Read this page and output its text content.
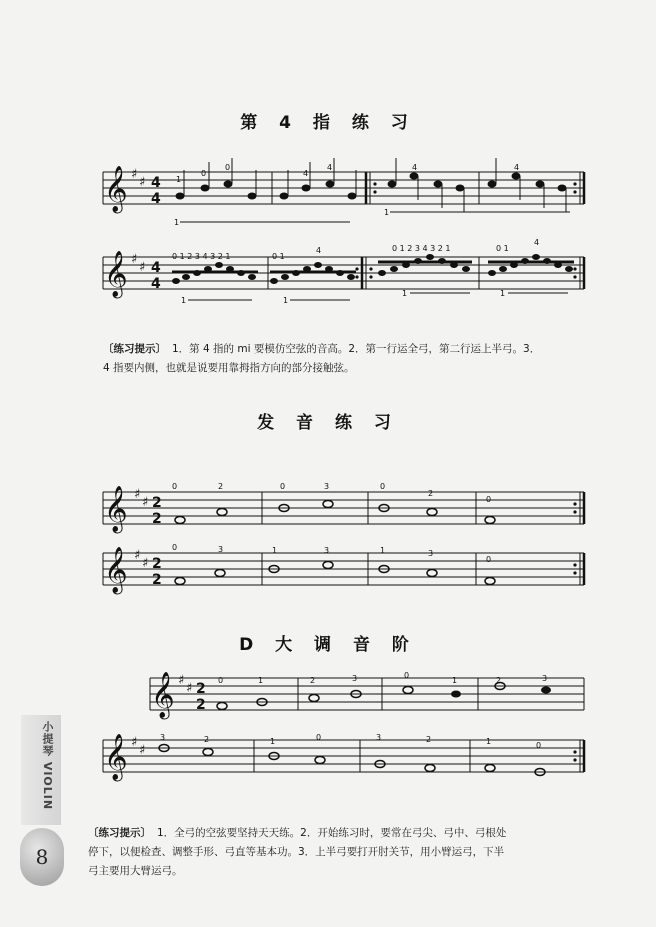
第 4 指 练 习
𝄞
𝄞
𝄞
𝄞
𝄞
𝄞
♯
♯
♯
♯
♯
♯
♯
♯
♯
♯
♯
♯
4
4
4
4
2
2
2
2
2
2
1
0
0
4
4	4	4
1
1
0 1 2 3 4 3 2 1	0 1
4	0 1 2 3 4 3 2 1	0 1
4
1	1
1	1
0	2	0	3	0
2
0
0	3	1	3	1	3
0
0	1	2	3	0
1	2	3
3	2	1	0	3	2	1	0
〔练习提示〕 1．第 4 指的 mi 要模仿空弦的音高。2．第一行运全弓，第二行运上半弓。3．
4 指要内侧，也就是说要用靠拇指方向的部分接触弦。
发 音 练 习
D 大 调 音 阶
〔练习提示〕 1．全弓的空弦要坚持天天练。2．开始练习时，要常在弓尖、弓中、弓根处
停下，以便检查、调整手形、弓直等基本功。3．上半弓要打开肘关节，用小臂运弓，下半
弓主要用大臂运弓。
小提琴 VIOLIN
8
